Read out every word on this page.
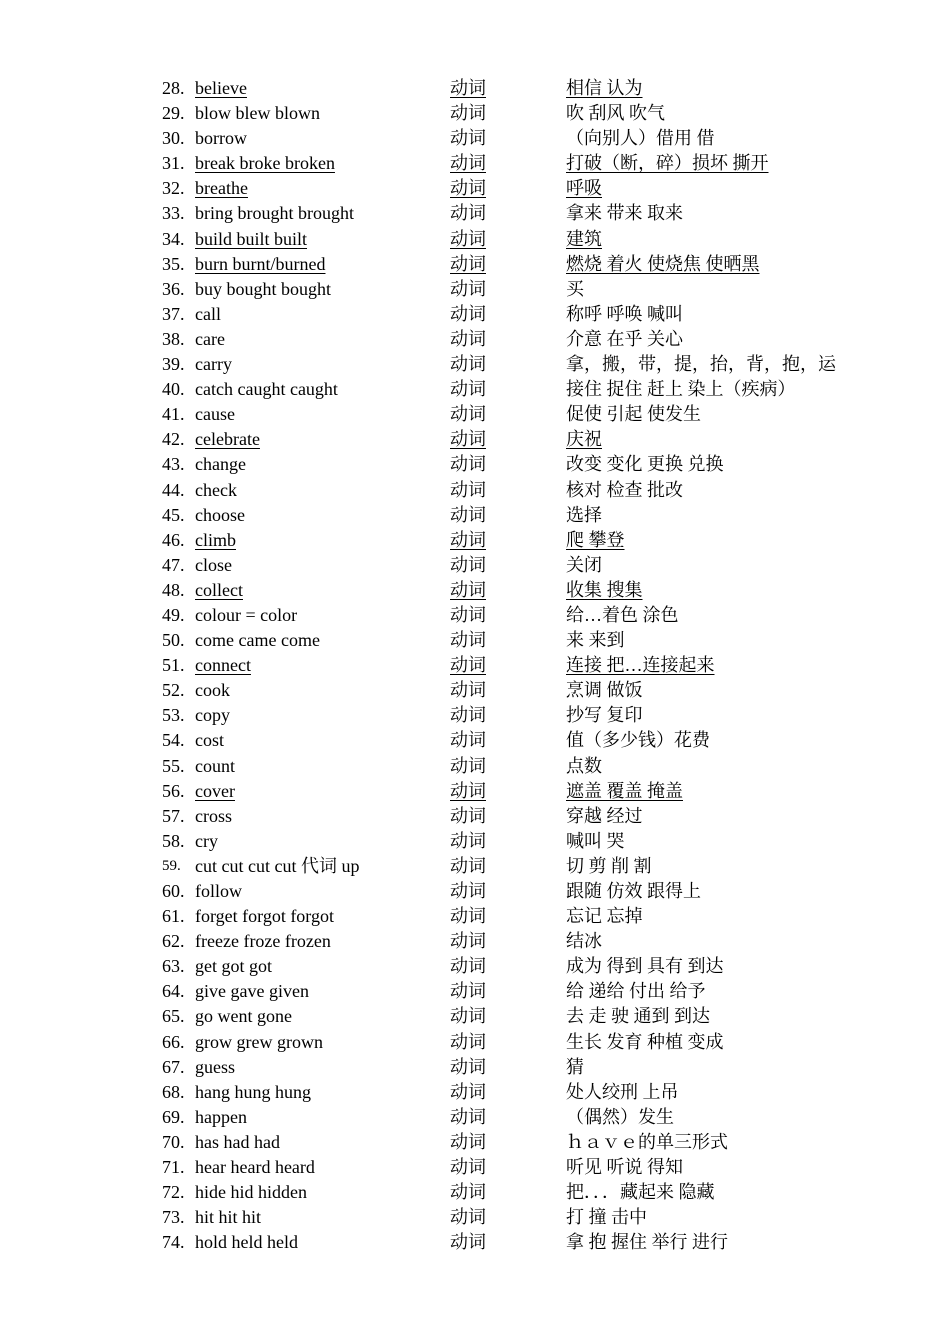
28. believe	动词	相信 认为
29. blow blew blown	动词	吹 刮风 吹气
30. borrow	动词	（向别人）借用 借
31. break broke broken	动词	打破（断，碎）损坏 撕开
32. breathe	动词	呼吸
33. bring brought brought	动词	拿来 带来 取来
34. build built built	动词	建筑
35. burn burnt/burned	动词	燃烧 着火 使烧焦 使晒黑
36. buy bought bought	动词	买
37. call	动词	称呼 呼唤 喊叫
38. care	动词	介意 在乎 关心
39. carry	动词	拿，搬，带，提，抬，背，抱，运
40. catch caught caught	动词	接住 捉住 赶上 染上（疾病）
41. cause	动词	促使 引起 使发生
42. celebrate	动词	庆祝
43. change	动词	改变 变化 更换 兑换
44. check	动词	核对 检查 批改
45. choose	动词	选择
46. climb	动词	爬 攀登
47. close	动词	关闭
48. collect	动词	收集 搜集
49. colour = color	动词	给…着色 涂色
50. come came come	动词	来 来到
51. connect	动词	连接 把…连接起来
52. cook	动词	烹调 做饭
53. copy	动词	抄写 复印
54. cost	动词	值（多少钱）花费
55. count	动词	点数
56. cover	动词	遮盖 覆盖 掩盖
57. cross	动词	穿越 经过
58. cry	动词	喊叫 哭
59. cut cut cut cut 代词 up	动词	切 剪 削 割
60. follow	动词	跟随 仿效 跟得上
61. forget forgot forgot	动词	忘记 忘掉
62. freeze froze frozen	动词	结冰
63. get got got	动词	成为 得到 具有 到达
64. give gave given	动词	给 递给 付出 给予
65. go went gone	动词	去 走 驶 通到 到达
66. grow grew grown	动词	生长 发育 种植 变成
67. guess	动词	猜
68. hang hung hung	动词	处人绞刑 上吊
69. happen	动词	（偶然）发生
70. has had had	动词	ｈａｖｅ的单三形式
71. hear heard heard	动词	听见 听说 得知
72. hide hid hidden	动词	把．．．藏起来 隐藏
73. hit hit hit	动词	打 撞 击中
74. hold held held	动词	拿 抱 握住 举行 进行
